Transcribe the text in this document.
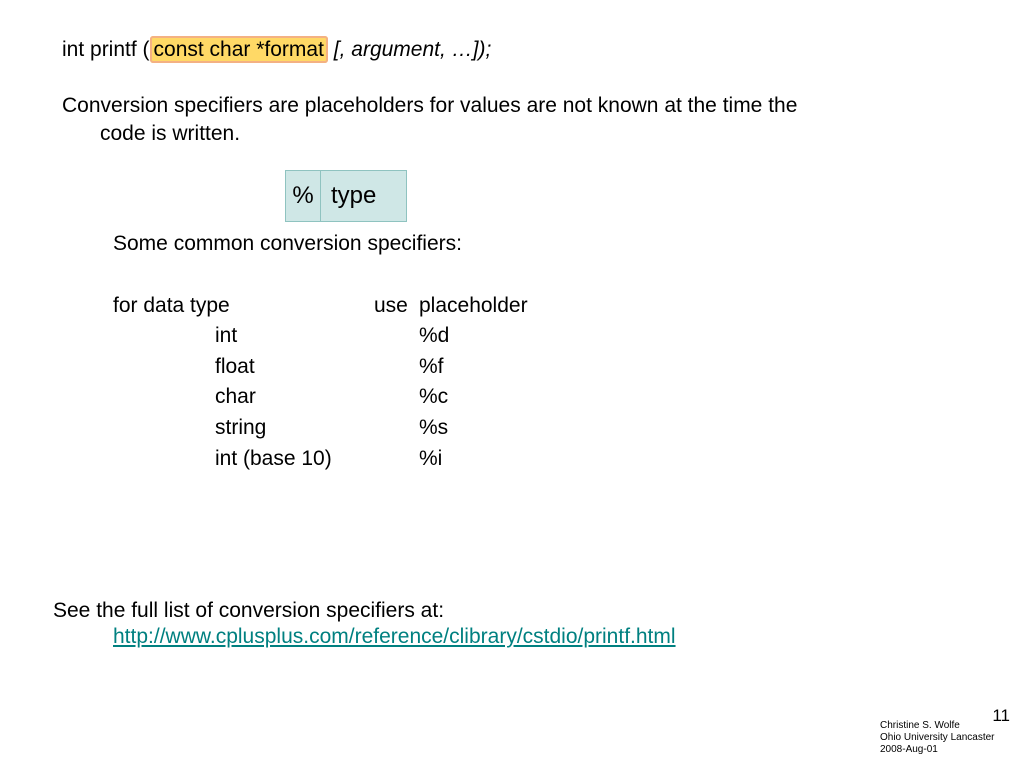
int printf ( const char *format [, argument, …]);
Conversion specifiers are placeholders for values are not known at the time the
code is written.
%	type
Some common conversion specifiers:
for data type	use placeholder
int	%d
float	%f
char	%c
string	%s
int (base 10)	%i
See the full list of conversion specifiers at:
http://www.cplusplus.com/reference/clibrary/cstdio/printf.html
11
Christine S. Wolfe
Ohio University Lancaster
2008-Aug-01
